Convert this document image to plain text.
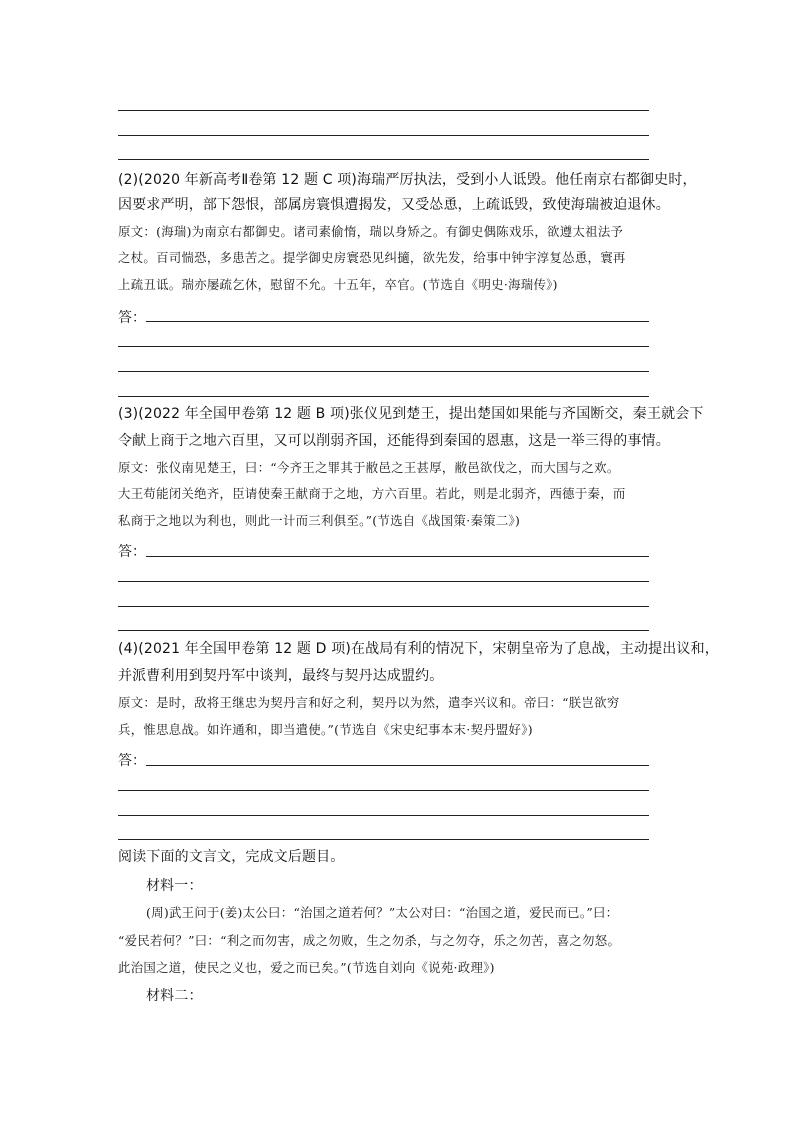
(2)(2020 年新高考Ⅱ卷第 12 题 C 项)海瑞严厉执法，受到小人诋毁。他任南京右都御史时，
因要求严明，部下怨恨，部属房寰惧遭揭发，又受怂恿，上疏诋毁，致使海瑞被迫退休。
原文：(海瑞)为南京右都御史。诸司素偷惰，瑞以身矫之。有御史偶陈戏乐，欲遵太祖法予
之杖。百司惴恐，多患苦之。提学御史房寰恐见纠擿，欲先发，给事中钟宇淳复怂恿，寰再
上疏丑诋。瑞亦屡疏乞休，慰留不允。十五年，卒官。(节选自《明史·海瑞传》)
答：
(3)(2022 年全国甲卷第 12 题 B 项)张仪见到楚王，提出楚国如果能与齐国断交，秦王就会下
令献上商于之地六百里，又可以削弱齐国，还能得到秦国的恩惠，这是一举三得的事情。
原文：张仪南见楚王，曰：“今齐王之罪其于敝邑之王甚厚，敝邑欲伐之，而大国与之欢。
大王苟能闭关绝齐，臣请使秦王献商于之地，方六百里。若此，则是北弱齐，西德于秦，而
私商于之地以为利也，则此一计而三利俱至。”(节选自《战国策·秦策二》)
答：
(4)(2021 年全国甲卷第 12 题 D 项)在战局有利的情况下，宋朝皇帝为了息战，主动提出议和，
并派曹利用到契丹军中谈判，最终与契丹达成盟约。
原文：是时，敌将王继忠为契丹言和好之利，契丹以为然，遣李兴议和。帝曰：“朕岂欲穷
兵，惟思息战。如许通和，即当遣使。”(节选自《宋史纪事本末·契丹盟好》)
答：
阅读下面的文言文，完成文后题目。
材料一：
(周)武王问于(姜)太公曰：“治国之道若何？”太公对曰：“治国之道，爱民而已。”曰：
“爱民若何？”曰：“利之而勿害，成之勿败，生之勿杀，与之勿夺，乐之勿苦，喜之勿怒。
此治国之道，使民之义也，爱之而已矣。”(节选自刘向《说苑·政理》)
材料二：
